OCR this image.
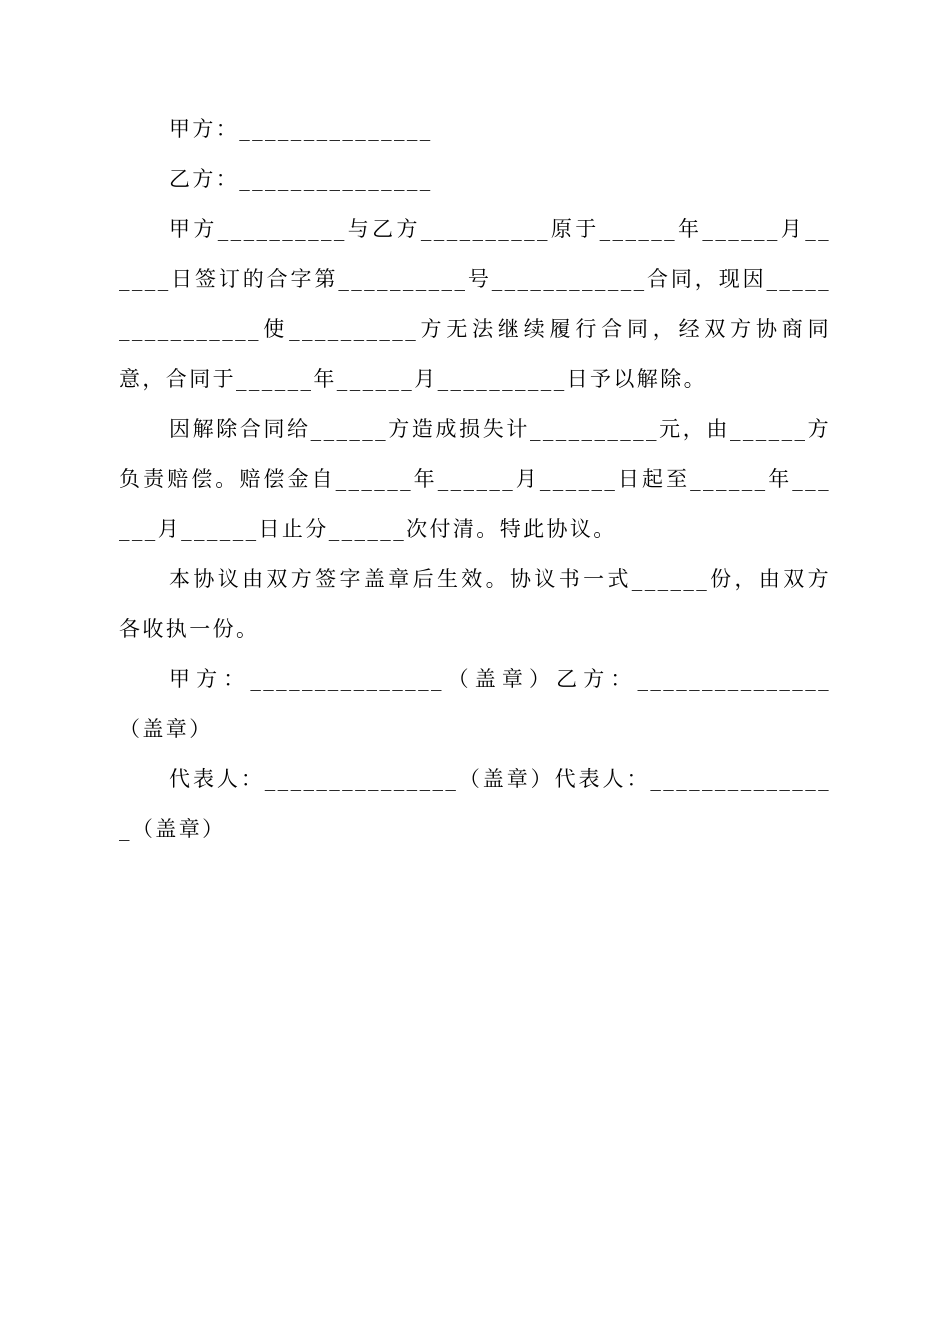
甲方：_______________

乙方：_______________

甲方__________与乙方__________原于______年______月______日签订的合字第__________号____________合同，现因________________使__________方无法继续履行合同，经双方协商同意，合同于______年______月__________日予以解除。

因解除合同给______方造成损失计__________元，由______方负责赔偿。赔偿金自______年______月______日起至______年______月______日止分______次付清。特此协议。

本协议由双方签字盖章后生效。协议书一式______份，由双方各收执一份。

甲方：_______________（盖章）乙方：_______________（盖章）

代表人：_______________（盖章）代表人：_______________（盖章）
